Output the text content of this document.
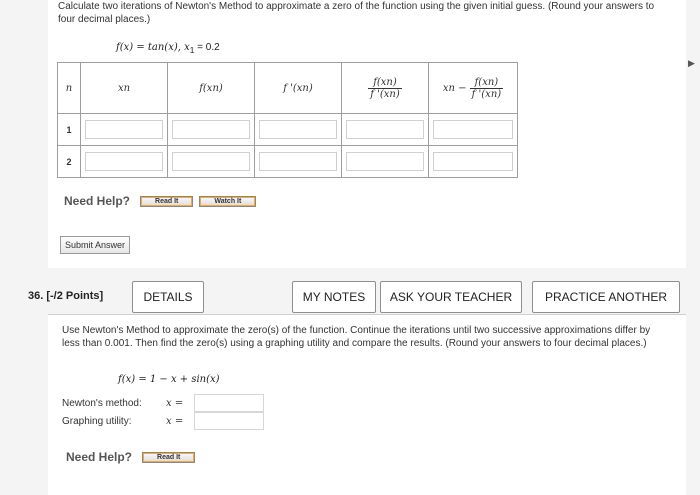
Calculate two iterations of Newton's Method to approximate a zero of the function using the given initial guess. (Round your answers to four decimal places.)
f(x) = tan(x), $x_1 = 0.2$
n	xn	f(xn)	f '(xn)	$\frac{f(xn)}{f '(xn)}$	xn − $\frac{f(xn)}{f '(xn)}$

1	

2	

Need Help?	Read It	Watch It
Submit Answer
▶
36. [-/2 Points]	DETAILS	MY NOTES	ASK YOUR TEACHER	PRACTICE ANOTHER
Use Newton's Method to approximate the zero(s) of the function. Continue the iterations until two successive approximations differ by less than 0.001. Then find the zero(s) using a graphing utility and compare the results. (Round your answers to four decimal places.)
f(x) = 1 − x + sin(x)
Newton's method: x =
Graphing utility:	x =
Need Help?	Read It
